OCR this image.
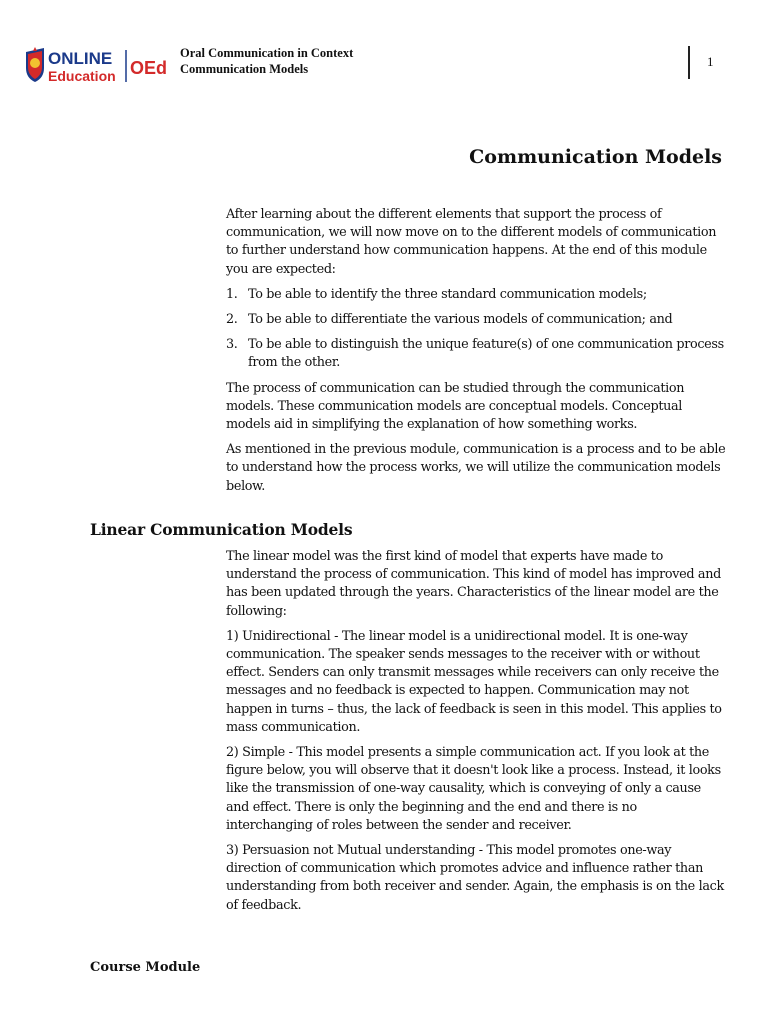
ONLINE
Education OEd
Oral Communication in Context
Communication Models	1
Communication Models

After learning about the different elements that support the process of communication, we will now move on to the different models of communication to further understand how communication happens. At the end of this module you are expected:

1. To be able to identify the three standard communication models;
2. To be able to differentiate the various models of communication; and
3. To be able to distinguish the unique feature(s) of one communication process from the other.

The process of communication can be studied through the communication models. These communication models are conceptual models. Conceptual models aid in simplifying the explanation of how something works.

As mentioned in the previous module, communication is a process and to be able to understand how the process works, we will utilize the communication models below.

Linear Communication Models

The linear model was the first kind of model that experts have made to understand the process of communication. This kind of model has improved and has been updated through the years. Characteristics of the linear model are the following:

1) Unidirectional - The linear model is a unidirectional model. It is one-way communication. The speaker sends messages to the receiver with or without effect. Senders can only transmit messages while receivers can only receive the messages and no feedback is expected to happen. Communication may not happen in turns – thus, the lack of feedback is seen in this model. This applies to mass communication.

2) Simple - This model presents a simple communication act. If you look at the figure below, you will observe that it doesn't look like a process. Instead, it looks like the transmission of one-way causality, which is conveying of only a cause and effect. There is only the beginning and the end and there is no interchanging of roles between the sender and receiver.

3) Persuasion not Mutual understanding - This model promotes one-way direction of communication which promotes advice and influence rather than understanding from both receiver and sender. Again, the emphasis is on the lack of feedback.

Course Module
